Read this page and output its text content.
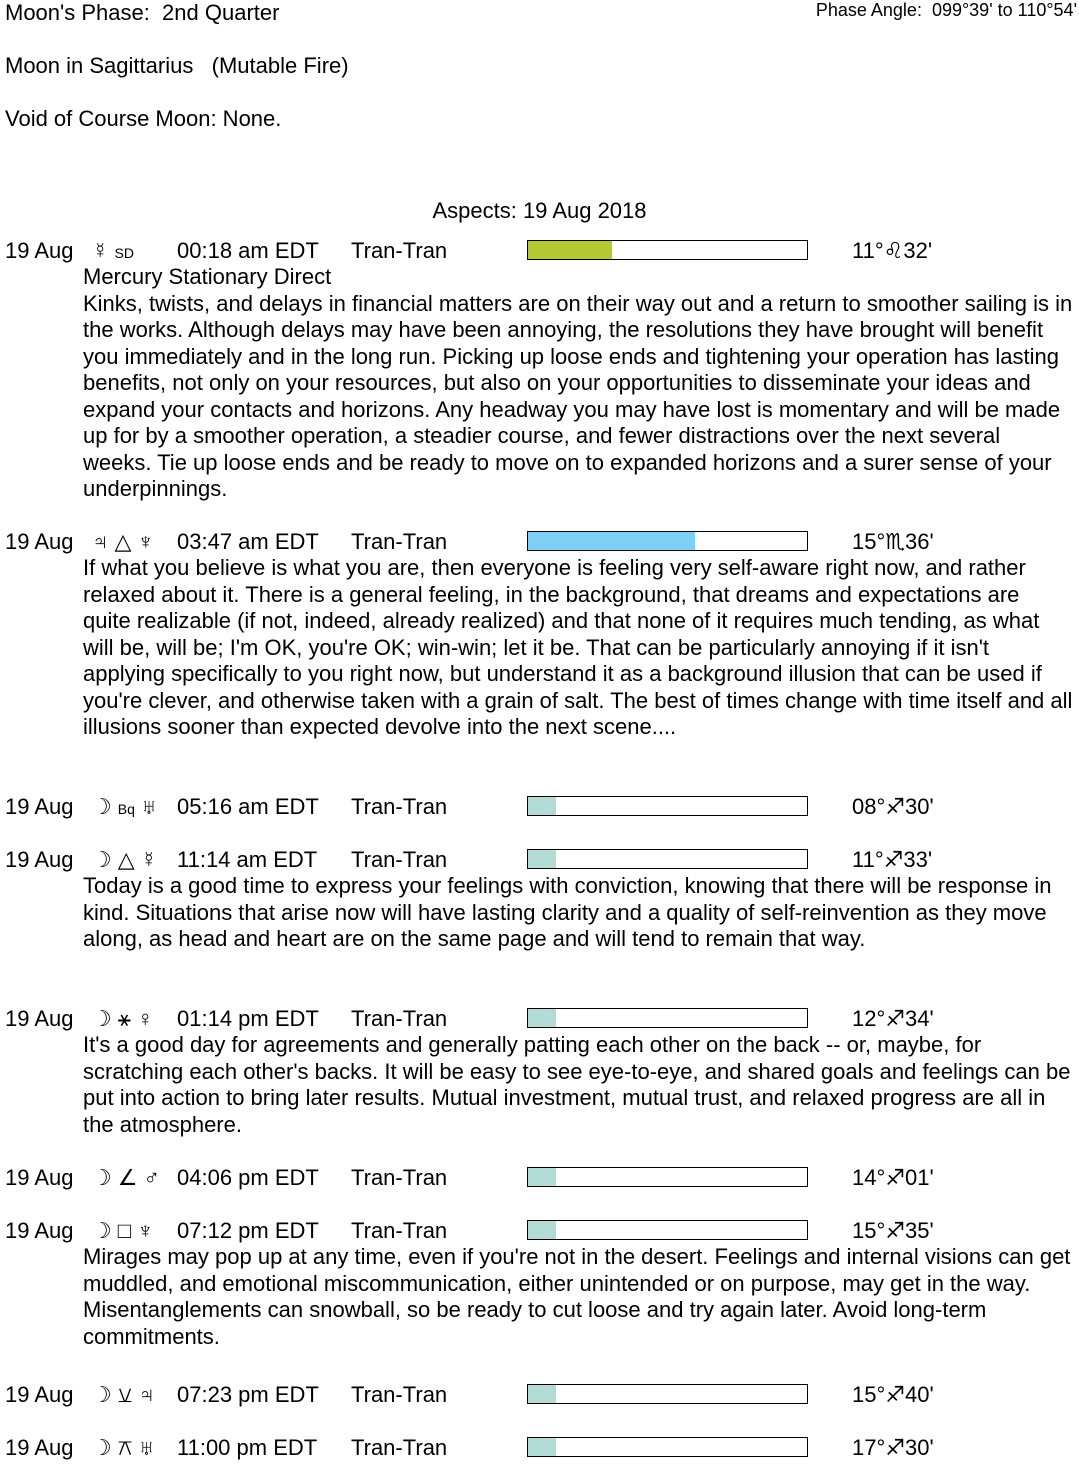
Moon's Phase:  2nd Quarter	Phase Angle:  099°39' to 110°54'
Moon in Sagittarius   (Mutable Fire)
Void of Course Moon: None.
Aspects: 19 Aug 2018
19 Aug ☿ SD	00:18 am EDT Tran-Tran	11°♌32'
Mercury Stationary Direct
Kinks, twists, and delays in financial matters are on their way out and a return to smoother sailing is in the works. Although delays may have been annoying, the resolutions they have brought will benefit you immediately and in the long run. Picking up loose ends and tightening your operation has lasting benefits, not only on your resources, but also on your opportunities to disseminate your ideas and expand your contacts and horizons. Any headway you may have lost is momentary and will be made up for by a smoother operation, a steadier course, and fewer distractions over the next several weeks. Tie up loose ends and be ready to move on to expanded horizons and a surer sense of your underpinnings.
19 Aug ♃ △ ♆	03:47 am EDT Tran-Tran	15°♏36'
If what you believe is what you are, then everyone is feeling very self-aware right now, and rather relaxed about it. There is a general feeling, in the background, that dreams and expectations are quite realizable (if not, indeed, already realized) and that none of it requires much tending, as what will be, will be; I'm OK, you're OK; win-win; let it be. That can be particularly annoying if it isn't applying specifically to you right now, but understand it as a background illusion that can be used if you're clever, and otherwise taken with a grain of salt. The best of times change with time itself and all illusions sooner than expected devolve into the next scene....
19 Aug ☽ Bq ♅ 05:16 am EDT Tran-Tran	08°♐30'
19 Aug ☽ △ ☿ 11:14 am EDT Tran-Tran	11°♐33'
Today is a good time to express your feelings with conviction, knowing that there will be response in kind. Situations that arise now will have lasting clarity and a quality of self-reinvention as they move along, as head and heart are on the same page and will tend to remain that way.
19 Aug ☽ ⚹ ♀	01:14 pm EDT Tran-Tran	12°♐34'
It's a good day for agreements and generally patting each other on the back -- or, maybe, for scratching each other's backs. It will be easy to see eye-to-eye, and shared goals and feelings can be put into action to bring later results. Mutual investment, mutual trust, and relaxed progress are all in the atmosphere.
19 Aug ☽ ∠ ♂ 04:06 pm EDT Tran-Tran	14°♐01'
19 Aug ☽ □ ♆	07:12 pm EDT Tran-Tran	15°♐35'
Mirages may pop up at any time, even if you're not in the desert. Feelings and internal visions can get muddled, and emotional miscommunication, either unintended or on purpose, may get in the way. Misentanglements can snowball, so be ready to cut loose and try again later. Avoid long-term commitments.
19 Aug ☽ ⚺ ♃	07:23 pm EDT Tran-Tran	15°♐40'
19 Aug ☽ ⚻ ♅	11:00 pm EDT Tran-Tran	17°♐30'
